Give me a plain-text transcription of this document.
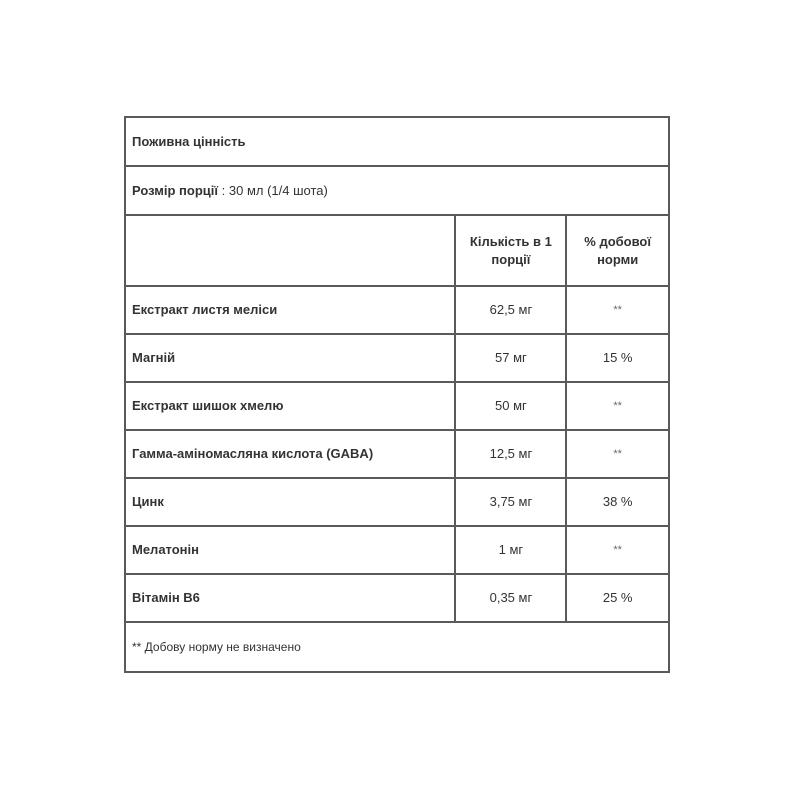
Поживна цінність		
Розмір порції : 30 мл (1/4 шота)		
	Кількість в 1 порції	% добової норми
Екстракт листя меліси	62,5 мг	**
Магній	57 мг	15 %
Екстракт шишок хмелю	50 мг	**
Гамма-аміномасляна кислота (GABA)	12,5 мг	**
Цинк	3,75 мг	38 %
Мелатонін	1 мг	**
Вітамін В6	0,35 мг	25 %
** Добову норму не визначено		
